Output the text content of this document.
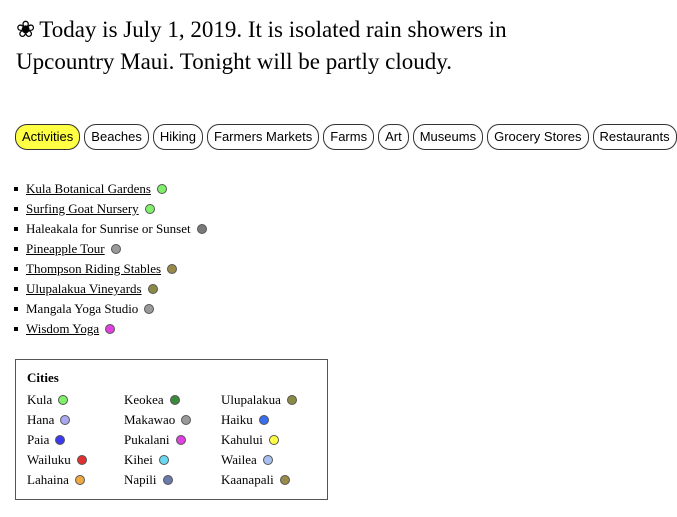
❀ Today is July 1, 2019. It is isolated rain showers in Upcountry Maui. Tonight will be partly cloudy.
Activities	Beaches	Hiking	Farmers Markets	Farms	Art	Museums	Grocery Stores	Restaurants
Kula Botanical Gardens
Surfing Goat Nursery
Haleakala for Sunrise or Sunset
Pineapple Tour
Thompson Riding Stables
Ulupalakua Vineyards
Mangala Yoga Studio
Wisdom Yoga
Cities
Kula	Keokea	Ulupalakua
Hana	Makawao	Haiku
Paia	Pukalani	Kahului
Wailuku	Kihei	Wailea
Lahaina	Napili	Kaanapali
